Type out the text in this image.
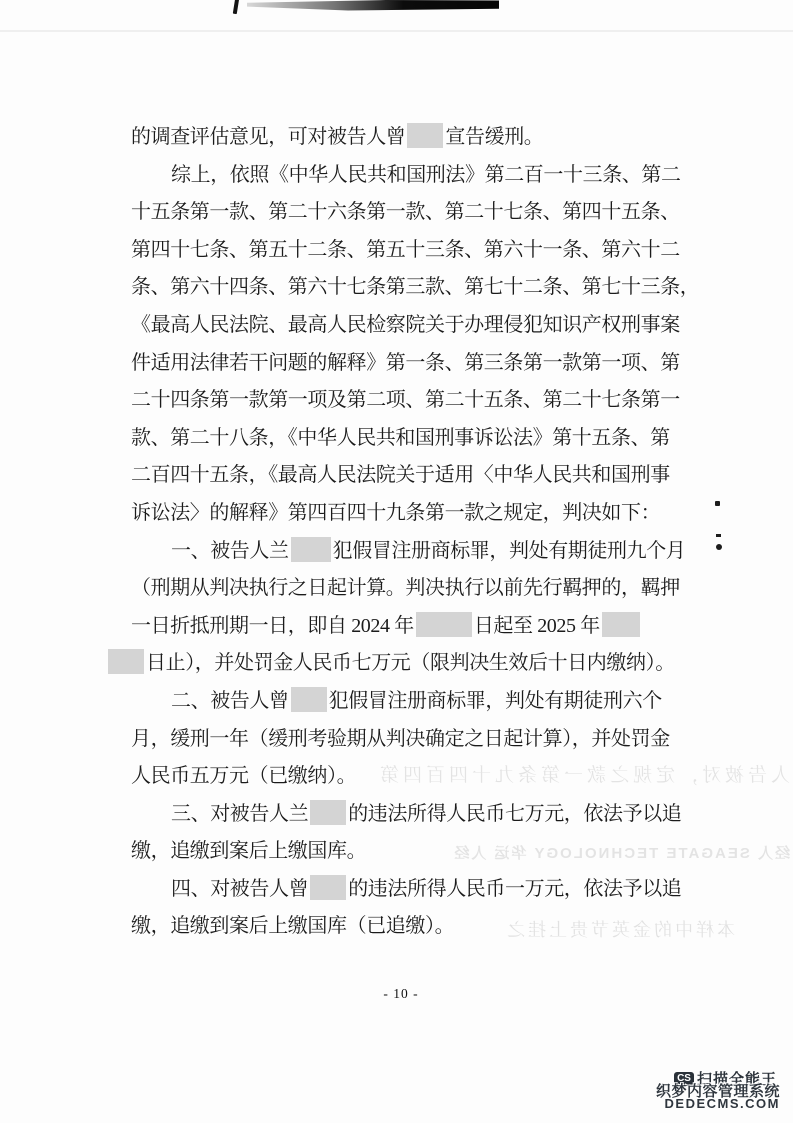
人告被对，定规之款一第条九十四百四第
经人 SEAGATE TECHNOLOGY 华运 人经
本样中的金英节贵上挂之
的调查评估意见，可对被告人曾 宣告缓刑。
综上，依照《中华人民共和国刑法》第二百一十三条、第二
十五条第一款、第二十六条第一款、第二十七条、第四十五条、
第四十七条、第五十二条、第五十三条、第六十一条、第六十二
条、第六十四条、第六十七条第三款、第七十二条、第七十三条，
《最高人民法院、最高人民检察院关于办理侵犯知识产权刑事案
件适用法律若干问题的解释》第一条、第三条第一款第一项、第
二十四条第一款第一项及第二项、第二十五条、第二十七条第一
款、第二十八条，《中华人民共和国刑事诉讼法》第十五条、第
二百四十五条，《最高人民法院关于适用〈中华人民共和国刑事
诉讼法〉的解释》第四百四十九条第一款之规定，判决如下：
一、被告人兰 犯假冒注册商标罪，判处有期徒刑九个月
（刑期从判决执行之日起计算。判决执行以前先行羁押的，羁押
一日折抵刑期一日，即自 2024 年	日起至 2025 年
日止），并处罚金人民币七万元（限判决生效后十日内缴纳）。
二、被告人曾 犯假冒注册商标罪，判处有期徒刑六个
月，缓刑一年（缓刑考验期从判决确定之日起计算），并处罚金
人民币五万元（已缴纳）。
三、对被告人兰 的违法所得人民币七万元，依法予以追
缴，追缴到案后上缴国库。
四、对被告人曾 的违法所得人民币一万元，依法予以追
缴，追缴到案后上缴国库（已追缴）。
- 10 -
CS 扫描全能王
织梦内容管理系统
DEDECMS.COM
